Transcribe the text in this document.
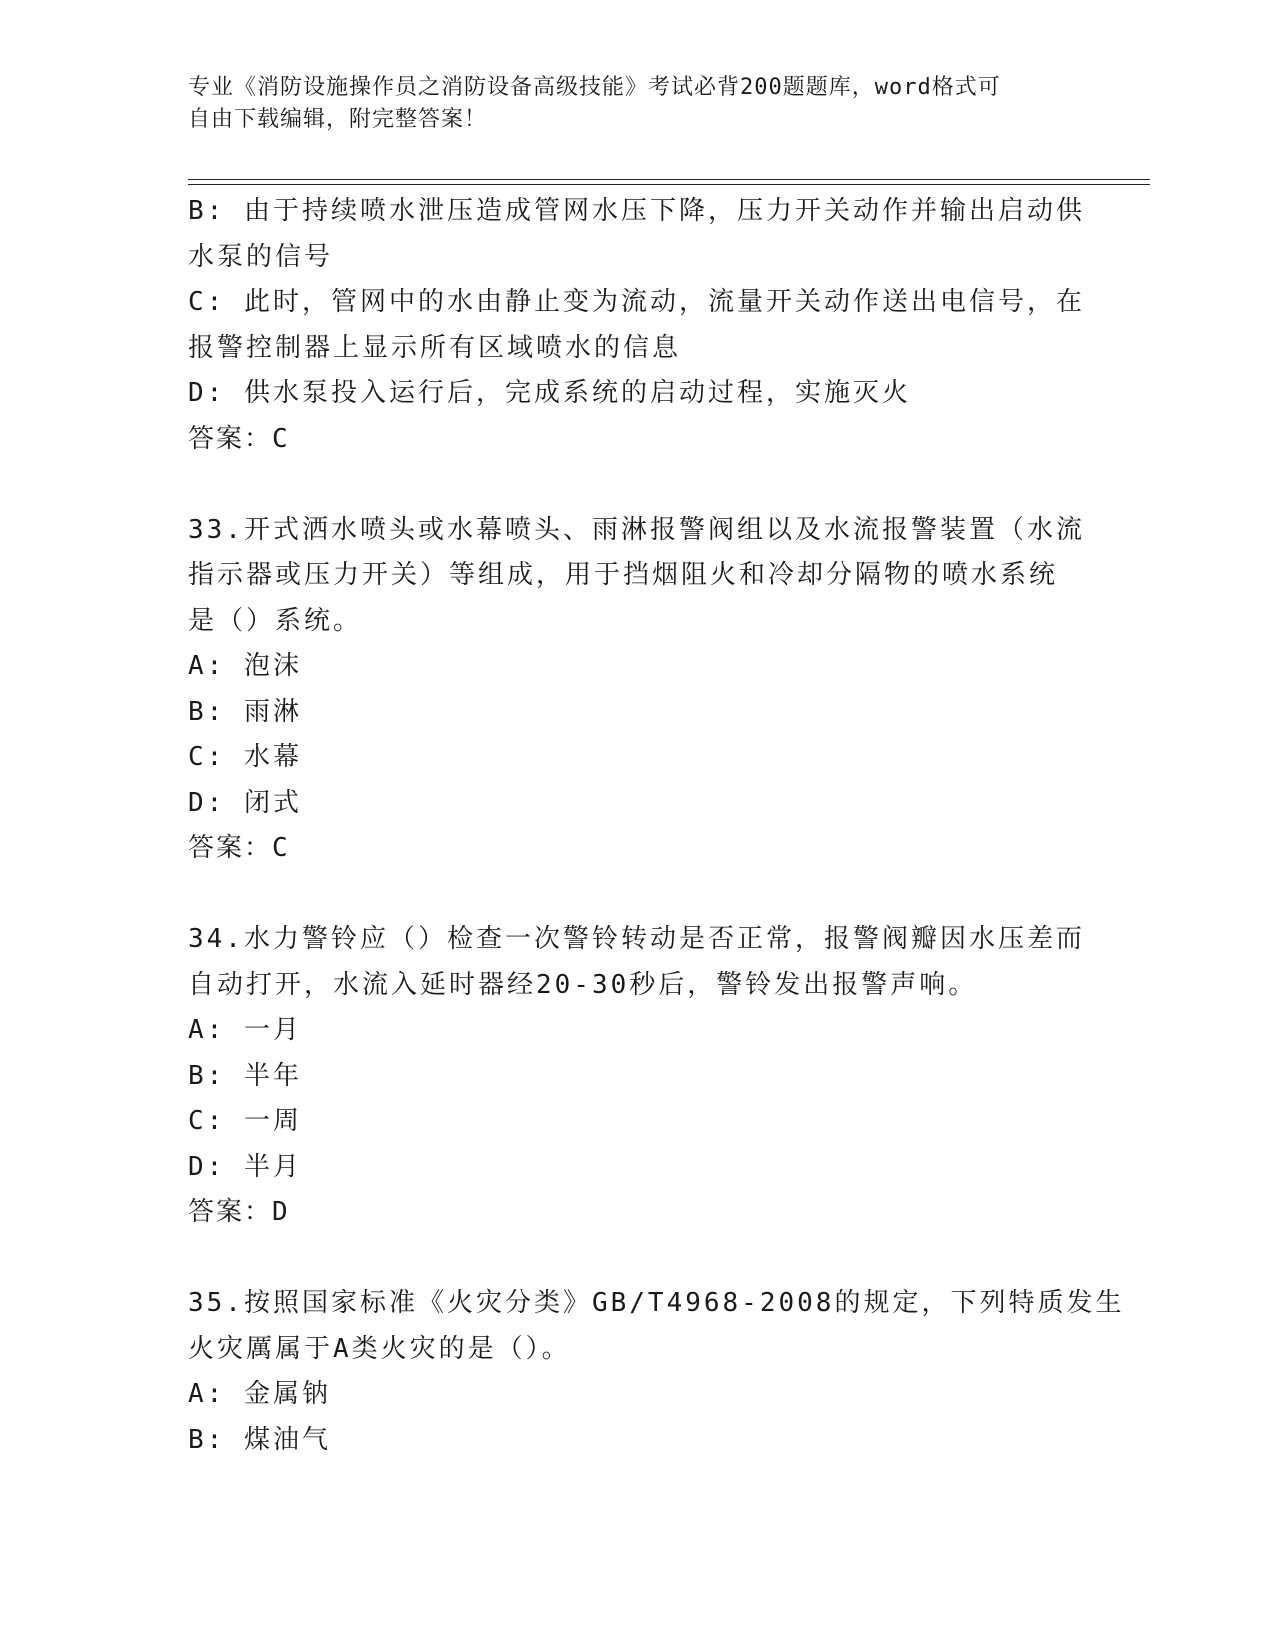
专业《消防设施操作员之消防设备高级技能》考试必背200题题库，word格式可
自由下载编辑，附完整答案！
B: 由于持续喷水泄压造成管网水压下降，压力开关动作并输出启动供
水泵的信号
C: 此时，管网中的水由静止变为流动，流量开关动作送出电信号，在
报警控制器上显示所有区域喷水的信息
D: 供水泵投入运行后，完成系统的启动过程，实施灭火
答案：C
33.开式洒水喷头或水幕喷头、雨淋报警阀组以及水流报警装置（水流
指示器或压力开关）等组成，用于挡烟阻火和冷却分隔物的喷水系统
是（）系统。
A: 泡沫
B: 雨淋
C: 水幕
D: 闭式
答案：C
34.水力警铃应（）检查一次警铃转动是否正常，报警阀瓣因水压差而
自动打开，水流入延时器经20-30秒后，警铃发出报警声响。
A: 一月
B: 半年
C: 一周
D: 半月
答案：D
35.按照国家标准《火灾分类》GB/T4968-2008的规定，下列特质发生
火灾厲属于A类火灾的是（）。
A: 金属钠
B: 煤油气
